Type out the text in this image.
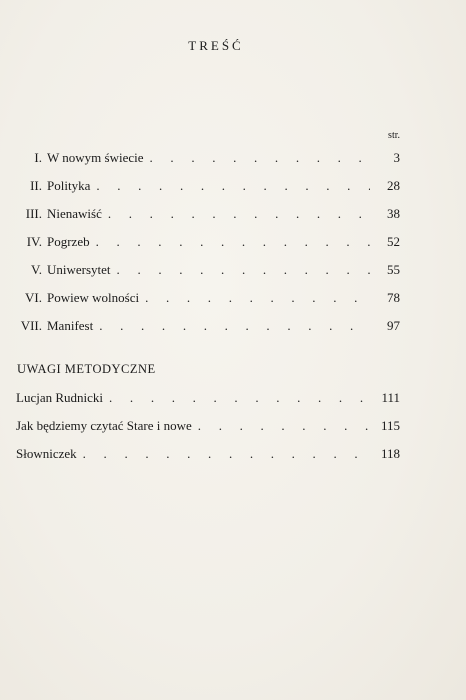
TREŚĆ
str.
I. W nowym świecie . . .	3
II. Polityka . . .	28
III. Nienawiść . . .	38
IV. Pogrzeb . . .	52
V. Uniwersytet . . .	55
VI. Powiew wolności . . .	78
VII. Manifest . . .	97
Lucjan Rudnicki . . .	111
Jak będziemy czytać Stare i nowe . . .	115
Słowniczek . . .	118
UWAGI METODYCZNE
